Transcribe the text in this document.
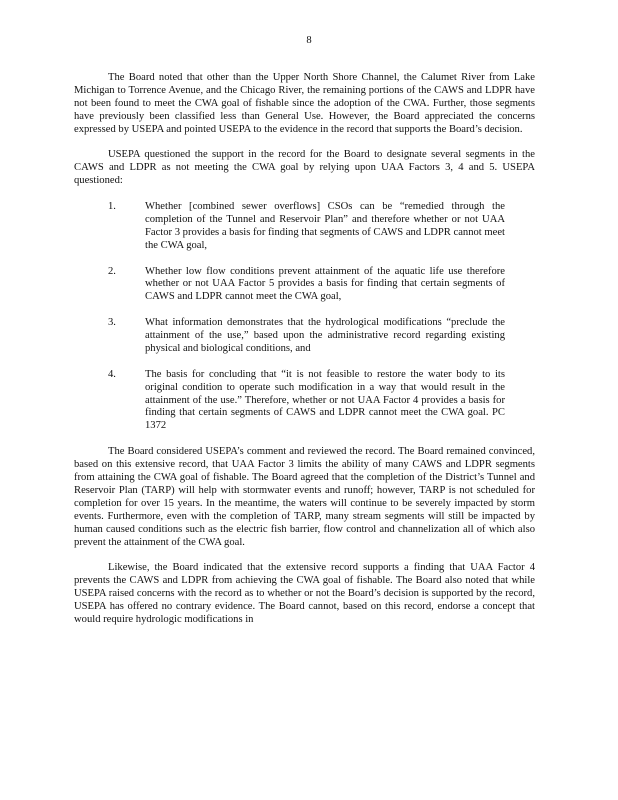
8

The Board noted that other than the Upper North Shore Channel, the Calumet River from Lake Michigan to Torrence Avenue, and the Chicago River, the remaining portions of the CAWS and LDPR have not been found to meet the CWA goal of fishable since the adoption of the CWA. Further, those segments have previously been classified less than General Use. However, the Board appreciated the concerns expressed by USEPA and pointed USEPA to the evidence in the record that supports the Board’s decision.

USEPA questioned the support in the record for the Board to designate several segments in the CAWS and LDPR as not meeting the CWA goal by relying upon UAA Factors 3, 4 and 5. USEPA questioned:

1.	Whether [combined sewer overflows] CSOs can be “remedied through the completion of the Tunnel and Reservoir Plan” and therefore whether or not UAA Factor 3 provides a basis for finding that segments of CAWS and LDPR cannot meet the CWA goal,
2.	Whether low flow conditions prevent attainment of the aquatic life use therefore whether or not UAA Factor 5 provides a basis for finding that certain segments of CAWS and LDPR cannot meet the CWA goal,
3.	What information demonstrates that the hydrological modifications “preclude the attainment of the use,” based upon the administrative record regarding existing physical and biological conditions, and
4.	The basis for concluding that “it is not feasible to restore the water body to its original condition to operate such modification in a way that would result in the attainment of the use.” Therefore, whether or not UAA Factor 4 provides a basis for finding that certain segments of CAWS and LDPR cannot meet the CWA goal. PC 1372

The Board considered USEPA’s comment and reviewed the record. The Board remained convinced, based on this extensive record, that UAA Factor 3 limits the ability of many CAWS and LDPR segments from attaining the CWA goal of fishable. The Board agreed that the completion of the District’s Tunnel and Reservoir Plan (TARP) will help with stormwater events and runoff; however, TARP is not scheduled for completion for over 15 years. In the meantime, the waters will continue to be severely impacted by storm events. Furthermore, even with the completion of TARP, many stream segments will still be impacted by human caused conditions such as the electric fish barrier, flow control and channelization all of which also prevent the attainment of the CWA goal.

Likewise, the Board indicated that the extensive record supports a finding that UAA Factor 4 prevents the CAWS and LDPR from achieving the CWA goal of fishable. The Board also noted that while USEPA raised concerns with the record as to whether or not the Board’s decision is supported by the record, USEPA has offered no contrary evidence. The Board cannot, based on this record, endorse a concept that would require hydrologic modifications in
